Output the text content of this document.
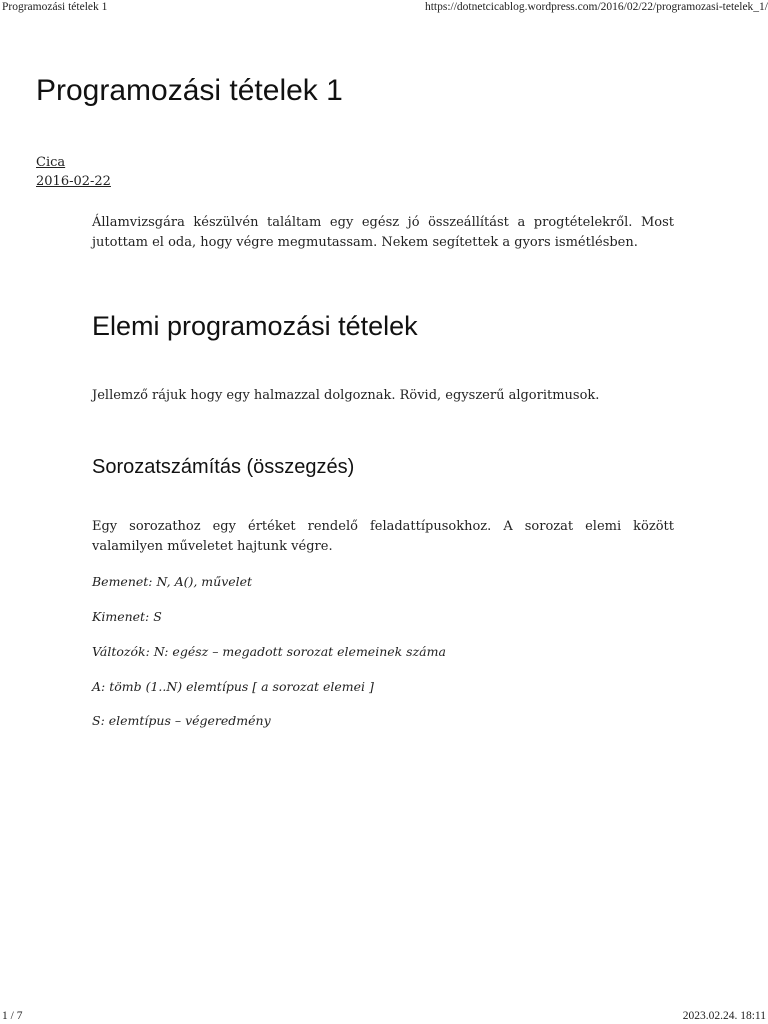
Programozási tételek 1	https://dotnetcicablog.wordpress.com/2016/02/22/programozasi-tetelek_1/
Programozási tételek 1
Cica
2016-02-22

Államvizsgára készülvén találtam egy egész jó összeállítást a progtételekről. Most jutottam el oda, hogy végre megmutassam. Nekem segítettek a gyors ismétlésben.

Elemi programozási tételek

Jellemző rájuk hogy egy halmazzal dolgoznak. Rövid, egyszerű algoritmusok.

Sorozatszámítás (összegzés)

Egy sorozathoz egy értéket rendelő feladattípusokhoz. A sorozat elemi között valamilyen műveletet hajtunk végre.

Bemenet: N, A(), művelet

Kimenet: S

Változók: N: egész – megadott sorozat elemeinek száma

A: tömb (1..N) elemtípus [ a sorozat elemei ]

S: elemtípus – végeredmény

1 / 7	2023.02.24. 18:11
